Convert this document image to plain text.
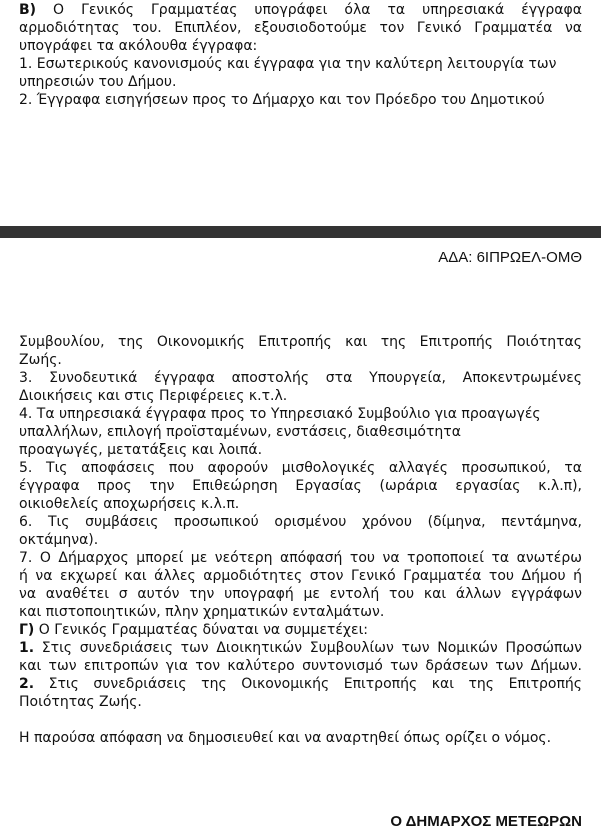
Β) Ο Γενικός Γραμματέας υπογράφει όλα τα υπηρεσιακά έγγραφα
αρμοδιότητας του. Επιπλέον, εξουσιοδοτούμε τον Γενικό Γραμματέα να
υπογράφει τα ακόλουθα έγγραφα:
1. Εσωτερικούς κανονισμούς και έγγραφα για την καλύτερη λειτουργία των
υπηρεσιών του Δήμου.
2. Έγγραφα εισηγήσεων προς το Δήμαρχο και τον Πρόεδρο του Δημοτικού
ΑΔΑ: 6ΙΠΡΩΕΛ-ΟΜΘ
Συμβουλίου, της Οικονομικής Επιτροπής και της Επιτροπής Ποιότητας
Ζωής.
3. Συνοδευτικά έγγραφα αποστολής στα Υπουργεία, Αποκεντρωμένες
Διοικήσεις και στις Περιφέρειες κ.τ.λ.
4. Τα υπηρεσιακά έγγραφα προς το Υπηρεσιακό Συμβούλιο για προαγωγές
υπαλλήλων, επιλογή προϊσταμένων, ενστάσεις, διαθεσιμότητα
προαγωγές, μετατάξεις και λοιπά.
5. Τις αποφάσεις που αφορούν μισθολογικές αλλαγές προσωπικού, τα
έγγραφα προς την Επιθεώρηση Εργασίας (ωράρια εργασίας κ.λ.π),
οικιοθελείς αποχωρήσεις κ.λ.π.
6. Τις συμβάσεις προσωπικού ορισμένου χρόνου (δίμηνα, πεντάμηνα,
οκτάμηνα).
7. Ο Δήμαρχος μπορεί με νεότερη απόφασή του να τροποποιεί τα ανωτέρω
ή να εκχωρεί και άλλες αρμοδιότητες στον Γενικό Γραμματέα του Δήμου ή
να αναθέτει σ αυτόν την υπογραφή με εντολή του και άλλων εγγράφων
και πιστοποιητικών, πλην χρηματικών ενταλμάτων.
Γ) Ο Γενικός Γραμματέας δύναται να συμμετέχει:
1. Στις συνεδριάσεις των Διοικητικών Συμβουλίων των Νομικών Προσώπων
και των επιτροπών για τον καλύτερο συντονισμό των δράσεων των Δήμων.
2. Στις συνεδριάσεις της Οικονομικής Επιτροπής και της Επιτροπής
Ποιότητας Ζωής.
Η παρούσα απόφαση να δημοσιευθεί και να αναρτηθεί όπως ορίζει ο νόμος.
Ο ΔΗΜΑΡΧΟΣ ΜΕΤΕΩΡΩΝ
